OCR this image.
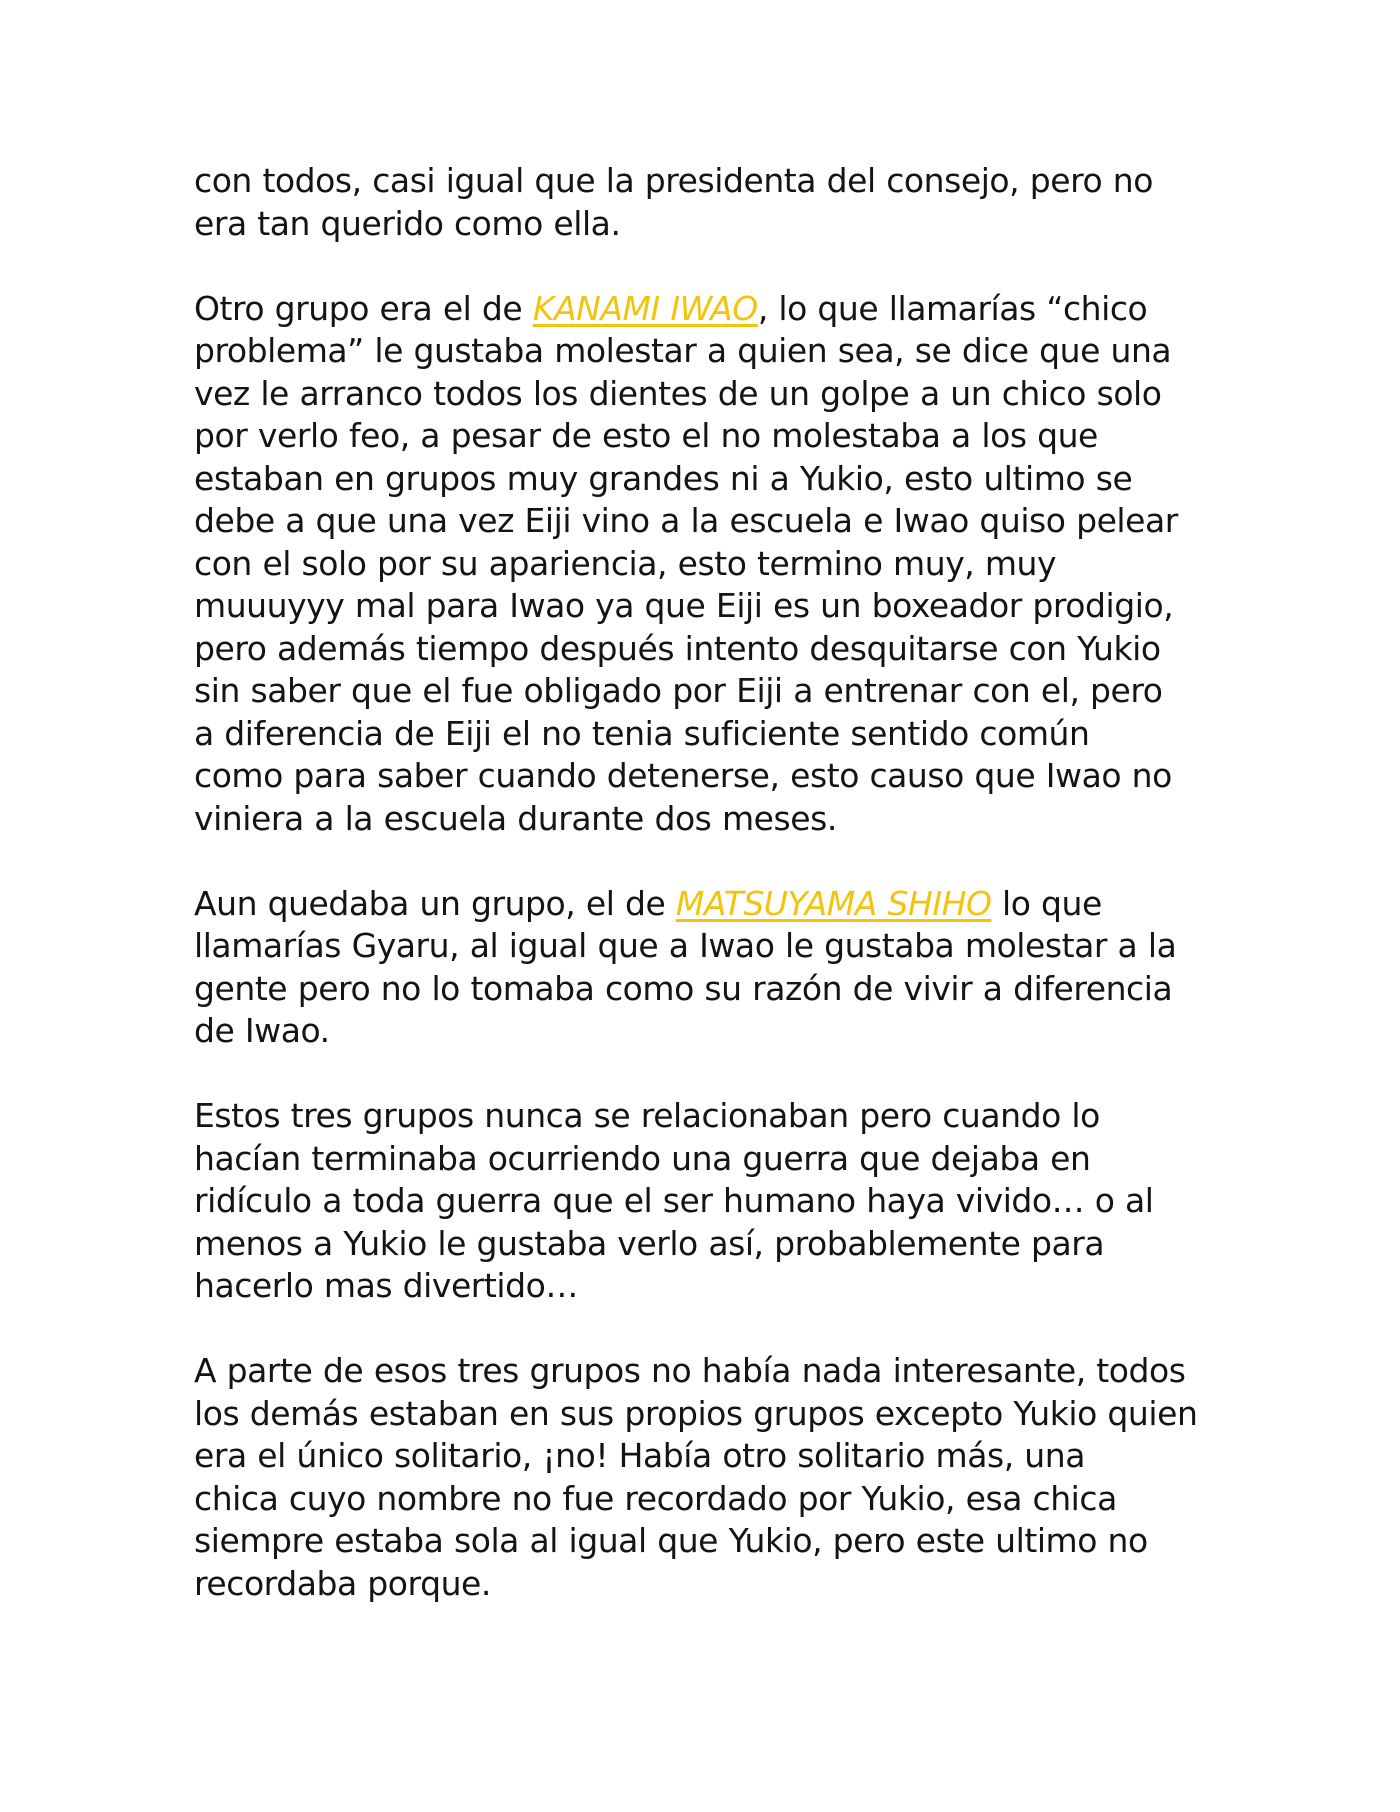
con todos, casi igual que la presidenta del consejo, pero no
era tan querido como ella.

Otro grupo era el de KANAMI IWAO, lo que llamarías “chico
problema” le gustaba molestar a quien sea, se dice que una
vez le arranco todos los dientes de un golpe a un chico solo
por verlo feo, a pesar de esto el no molestaba a los que
estaban en grupos muy grandes ni a Yukio, esto ultimo se
debe a que una vez Eiji vino a la escuela e Iwao quiso pelear
con el solo por su apariencia, esto termino muy, muy
muuuyyy mal para Iwao ya que Eiji es un boxeador prodigio,
pero además tiempo después intento desquitarse con Yukio
sin saber que el fue obligado por Eiji a entrenar con el, pero
a diferencia de Eiji el no tenia suficiente sentido común
como para saber cuando detenerse, esto causo que Iwao no
viniera a la escuela durante dos meses.

Aun quedaba un grupo, el de MATSUYAMA SHIHO lo que
llamarías Gyaru, al igual que a Iwao le gustaba molestar a la
gente pero no lo tomaba como su razón de vivir a diferencia
de Iwao.

Estos tres grupos nunca se relacionaban pero cuando lo
hacían terminaba ocurriendo una guerra que dejaba en
ridículo a toda guerra que el ser humano haya vivido… o al
menos a Yukio le gustaba verlo así, probablemente para
hacerlo mas divertido…

A parte de esos tres grupos no había nada interesante, todos
los demás estaban en sus propios grupos excepto Yukio quien
era el único solitario, ¡no! Había otro solitario más, una
chica cuyo nombre no fue recordado por Yukio, esa chica
siempre estaba sola al igual que Yukio, pero este ultimo no
recordaba porque.
